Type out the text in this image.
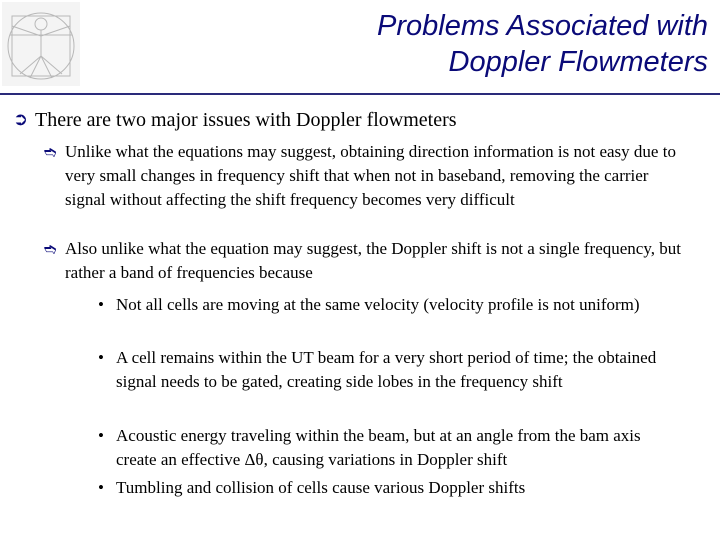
Problems Associated with
Doppler Flowmeters
➲ There are two major issues with Doppler flowmeters
➬ Unlike what the equations may suggest, obtaining direction information is not easy due to very small changes in frequency shift that when not in baseband, removing the carrier signal without affecting the shift frequency becomes very difficult
➬ Also unlike what the equation may suggest, the Doppler shift is not a single frequency, but rather a band of frequencies because
• Not all cells are moving at the same velocity (velocity profile is not uniform)
• A cell remains within the UT beam for a very short period of time; the obtained signal needs to be gated, creating side lobes in the frequency shift
• Acoustic energy traveling within the beam, but at an angle from the bam axis create an effective Δθ, causing variations in Doppler shift
• Tumbling and collision of cells cause various Doppler shifts
